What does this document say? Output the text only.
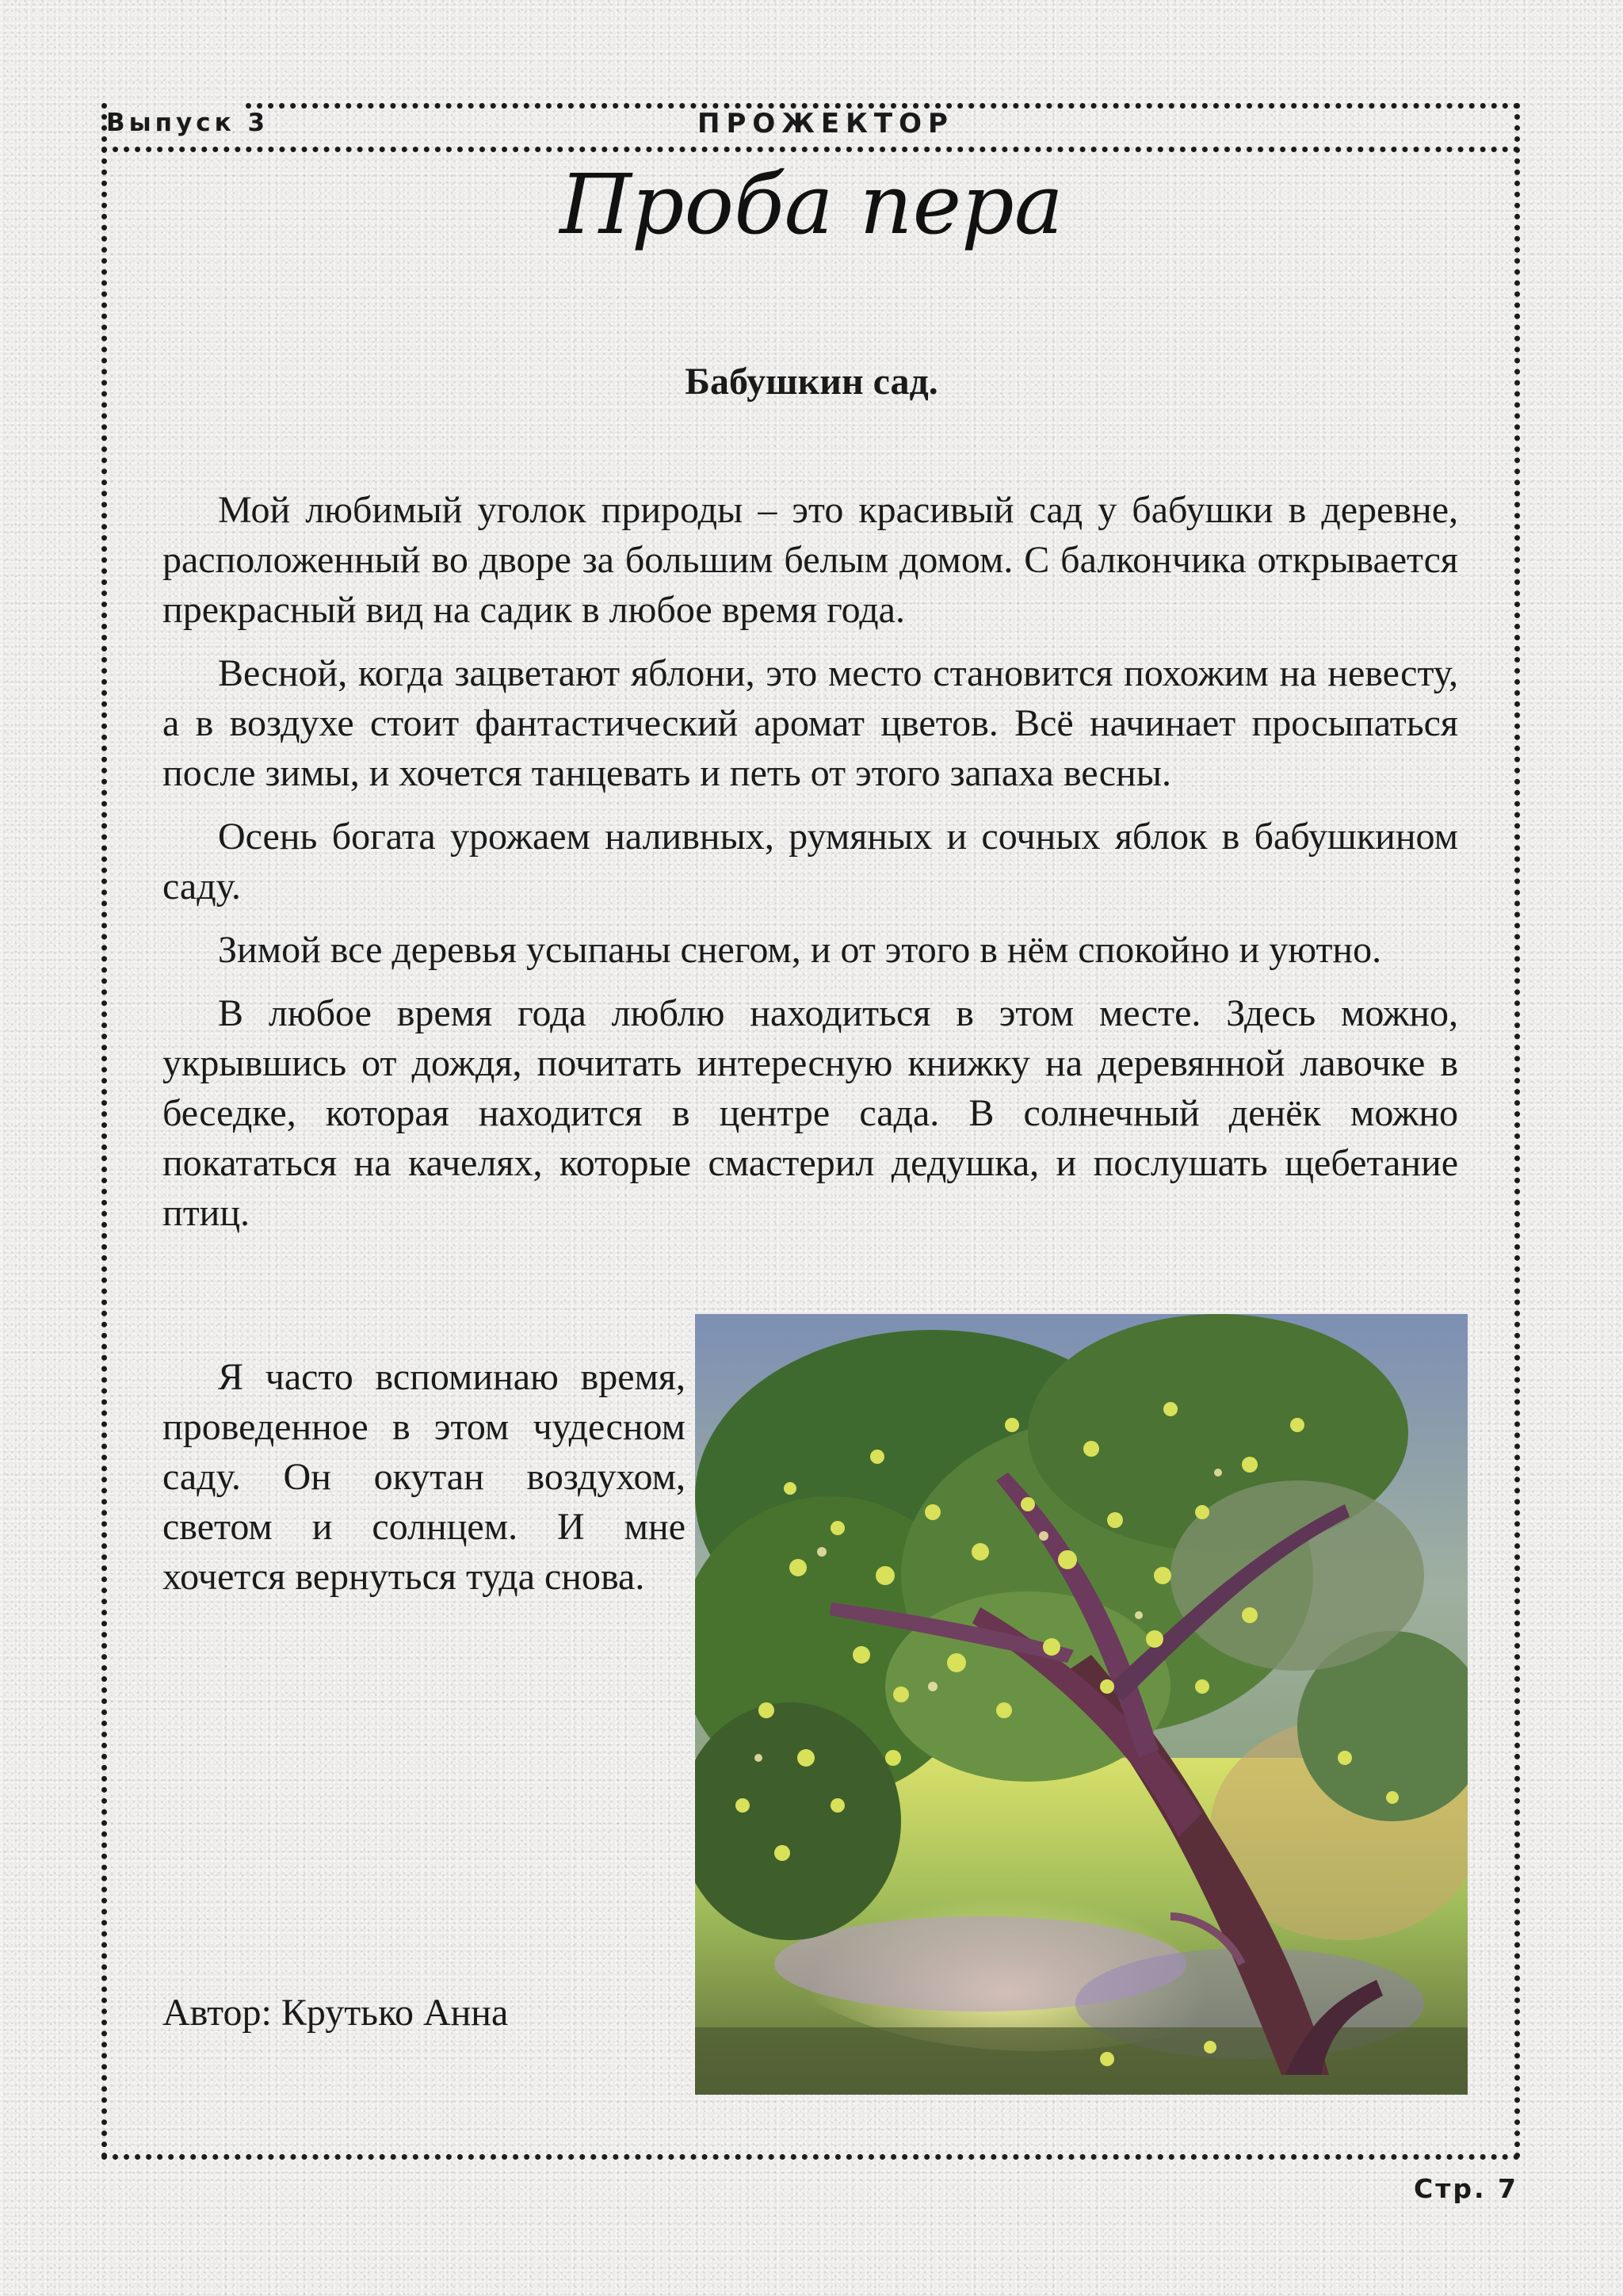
Выпуск 3	ПРОЖЕКТОР
Проба пера
Бабушкин сад.

Мой любимый уголок природы – это красивый сад у бабушки в деревне, расположенный во дворе за большим белым домом. С балкончика открывается прекрасный вид на садик в любое время года.

Весной, когда зацветают яблони, это место становится похожим на невесту, а в воздухе стоит фантастический аромат цветов. Всё начинает просыпаться после зимы, и хочется танцевать и петь от этого запаха весны.

Осень богата урожаем наливных, румяных и сочных яблок в бабушкином саду.

Зимой все деревья усыпаны снегом, и от этого в нём спокойно и уютно.

В любое время года люблю находиться в этом месте. Здесь можно, укрывшись от дождя, почитать интересную книжку на деревянной лавочке в беседке, которая находится в центре сада. В солнечный денёк можно покататься на качелях, которые смастерил дедушка, и послушать щебетание птиц.

Я часто вспоминаю время, проведенное в этом чудесном саду. Он окутан воздухом, светом и солнцем. И мне хочется вернуться туда снова.

Автор: Крутько Анна
Стр. 7
